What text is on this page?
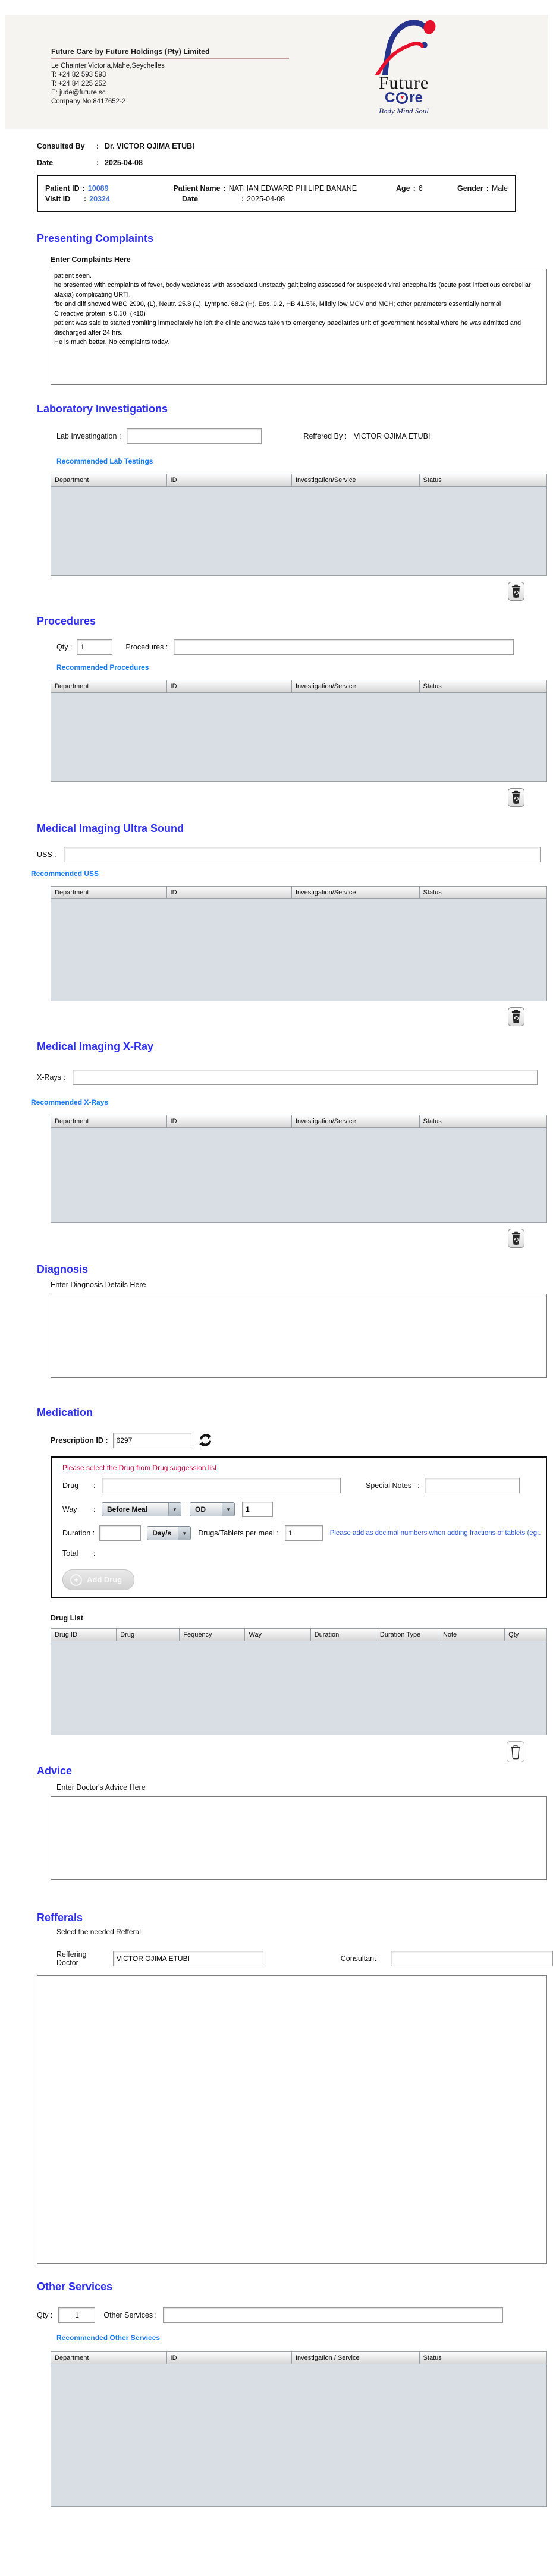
Future Care by Future Holdings (Pty) Limited
Le Chainter,Victoria,Mahe,Seychelles
T: +24 82 593 593
T: +24 84 225 252
E: jude@future.sc
Company No.8417652-2
Future
C ♥ re
Body Mind Soul
Consulted By	: Dr. VICTOR OJIMA ETUBI
Date	: 2025-04-08
Patient ID : 10089	Patient Name : NATHAN EDWARD PHILIPE BANANE	Age : 6	Gender : Male
Visit ID	: 20324	Date	: 2025-04-08
Presenting Complaints
Enter Complaints Here
patient seen. he presented with complaints of fever, body weakness with associated unsteady gait being assessed for suspected viral encephalitis (acute post infectious cerebellar ataxia) complicating URTI. fbc and diff showed WBC 2990, (L), Neutr. 25.8 (L), Lympho. 68.2 (H), Eos. 0.2, HB 41.5%, Mildly low MCV and MCH; other parameters essentially normal C reactive protein is 0.50 (<10) patient was said to started vomiting immediately he left the clinic and was taken to emergency paediatrics unit of government hospital where he was admitted and discharged after 24 hrs. He is much better. No complaints today.
Laboratory Investigations
Lab Investingation :	Reffered By : VICTOR OJIMA ETUBI
Recommended Lab Testings
Department	ID	Investigation/Service	Status
Procedures
Qty :
1	Procedures :
Recommended Procedures
Department	ID	Investigation/Service	Status
Medical Imaging Ultra Sound
USS :
Recommended USS
Department	ID	Investigation/Service	Status
Medical Imaging X-Ray
X-Rays :
Recommended X-Rays
Department	ID	Investigation/Service	Status
Diagnosis
Enter Diagnosis Details Here
Medication
Prescription ID :
6297
Please select the Drug from Drug suggession list
Drug	:	Special Notes :
Way	:	Before Meal	▼	OD	▼
1
Duration :	Day/s	▼	Drugs/Tablets per meal :
1	Please add as decimal numbers when adding fractions of tablets (eg:.
Total	:
+ Add Drug
Drug List
Drug ID	Drug	Fequency	Way	Duration	Duration Type	Note	Qty
Advice
Enter Doctor's Advice Here
Refferals
Select the needed Refferal
Reffering Doctor
VICTOR OJIMA ETUBI	Consultant
Other Services
Qty :
1	Other Services :
Recommended Other Services
Department	ID	Investigation / Service	Status
